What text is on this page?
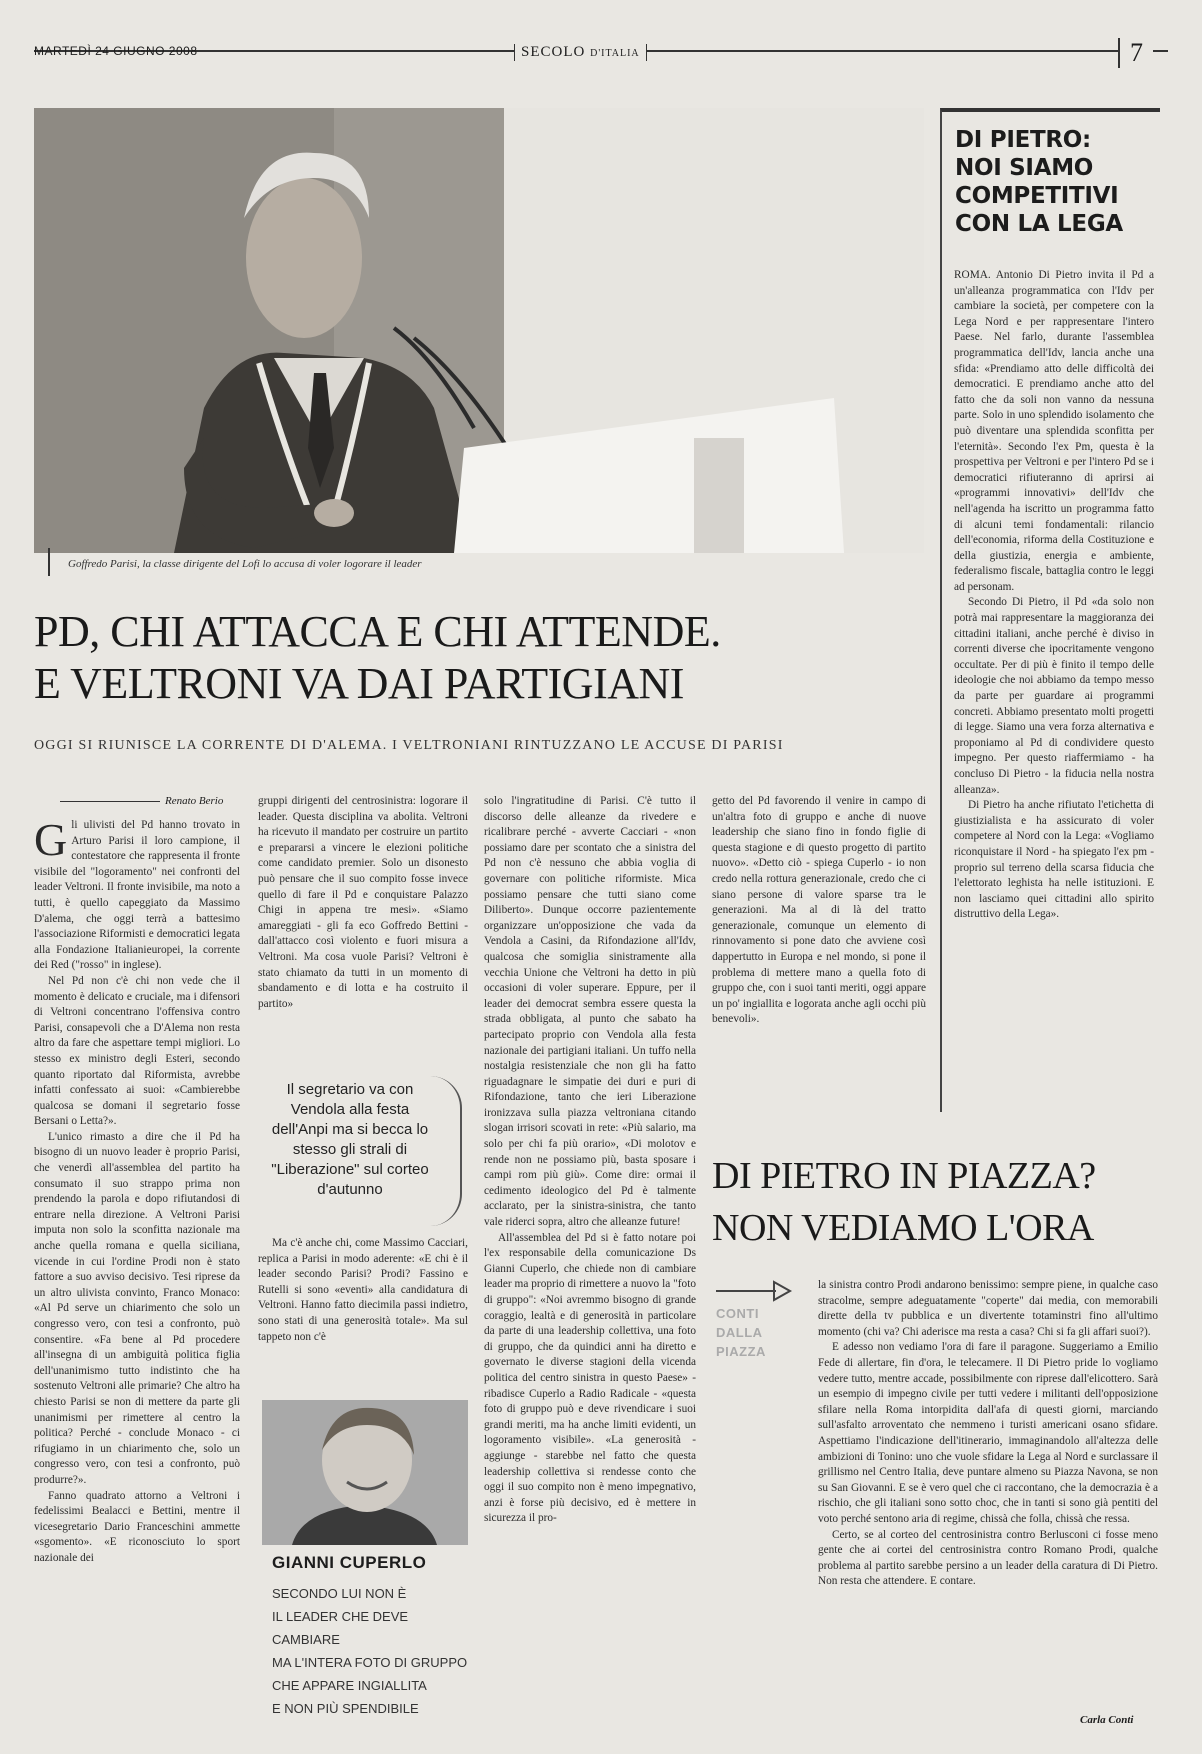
MARTEDÌ 24 GIUGNO 2008	SECOLO D'ITALIA	7
Goffredo Parisi, la classe dirigente del Lofi lo accusa di voler logorare il leader
PD, CHI ATTACCA E CHI ATTENDE.
E VELTRONI VA DAI PARTIGIANI
OGGI SI RIUNISCE LA CORRENTE DI D'ALEMA. I VELTRONIANI RINTUZZANO LE ACCUSE DI PARISI
Renato Berio

Gli ulivisti del Pd hanno trovato in Arturo Parisi il loro campione, il contestatore che rappresenta il fronte visibile del "logoramento" nei confronti del leader Veltroni. Il fronte invisibile, ma noto a tutti, è quello capeggiato da Massimo D'alema, che oggi terrà a battesimo l'associazione Riformisti e democratici legata alla Fondazione Italianieuropei, la corrente dei Red ("rosso" in inglese).

Nel Pd non c'è chi non vede che il momento è delicato e cruciale, ma i difensori di Veltroni concentrano l'offensiva contro Parisi, consapevoli che a D'Alema non resta altro da fare che aspettare tempi migliori. Lo stesso ex ministro degli Esteri, secondo quanto riportato dal Riformista, avrebbe infatti confessato ai suoi: «Cambierebbe qualcosa se domani il segretario fosse Bersani o Letta?».

L'unico rimasto a dire che il Pd ha bisogno di un nuovo leader è proprio Parisi, che venerdì all'assemblea del partito ha consumato il suo strappo prima non prendendo la parola e dopo rifiutandosi di entrare nella direzione. A Veltroni Parisi imputa non solo la sconfitta nazionale ma anche quella romana e quella siciliana, vicende in cui l'ordine Prodi non è stato fattore a suo avviso decisivo. Tesi riprese da un altro ulivista convinto, Franco Monaco: «Al Pd serve un chiarimento che solo un congresso vero, con tesi a confronto, può consentire. «Fa bene al Pd procedere all'insegna di un ambiguità politica figlia dell'unanimismo tutto indistinto che ha sostenuto Veltroni alle primarie? Che altro ha chiesto Parisi se non di mettere da parte gli unanimismi per rimettere al centro la politica? Perché - conclude Monaco - ci rifugiamo in un chiarimento che, solo un congresso vero, con tesi a confronto, può produrre?».

Fanno quadrato attorno a Veltroni i fedelissimi Bealacci e Bettini, mentre il vicesegretario Dario Franceschini ammette «sgomento». «E riconosciuto lo sport nazionale dei

gruppi dirigenti del centrosinistra: logorare il leader. Questa disciplina va abolita. Veltroni ha ricevuto il mandato per costruire un partito e prepararsi a vincere le elezioni politiche come candidato premier. Solo un disonesto può pensare che il suo compito fosse invece quello di fare il Pd e conquistare Palazzo Chigi in appena tre mesi». «Siamo amareggiati - gli fa eco Goffredo Bettini - dall'attacco così violento e fuori misura a Veltroni. Ma cosa vuole Parisi? Veltroni è stato chiamato da tutti in un momento di sbandamento e di lotta e ha costruito il partito»

Il segretario va con Vendola alla festa dell'Anpi ma si becca lo stesso gli strali di "Liberazione" sul corteo d'autunno

Ma c'è anche chi, come Massimo Cacciari, replica a Parisi in modo aderente: «E chi è il leader secondo Parisi? Prodi? Fassino e Rutelli si sono «eventi» alla candidatura di Veltroni. Hanno fatto diecimila passi indietro, sono stati di una generosità totale». Ma sul tappeto non c'è

GIANNI CUPERLO
SECONDO LUI NON È
IL LEADER CHE DEVE CAMBIARE
MA L'INTERA FOTO DI GRUPPO
CHE APPARE INGIALLITA
E NON PIÙ SPENDIBILE

solo l'ingratitudine di Parisi. C'è tutto il discorso delle alleanze da rivedere e ricalibrare perché - avverte Cacciari - «non possiamo dare per scontato che a sinistra del Pd non c'è nessuno che abbia voglia di governare con politiche riformiste. Mica possiamo pensare che tutti siano come Diliberto». Dunque occorre pazientemente organizzare un'opposizione che vada da Vendola a Casini, da Rifondazione all'Idv, qualcosa che somiglia sinistramente alla vecchia Unione che Veltroni ha detto in più occasioni di voler superare. Eppure, per il leader dei democrat sembra essere questa la strada obbligata, al punto che sabato ha partecipato proprio con Vendola alla festa nazionale dei partigiani italiani. Un tuffo nella nostalgia resistenziale che non gli ha fatto riguadagnare le simpatie dei duri e puri di Rifondazione, tanto che ieri Liberazione ironizzava sulla piazza veltroniana citando slogan irrisori scovati in rete: «Più salario, ma solo per chi fa più orario», «Di molotov e rende non ne possiamo più, basta sposare i campi rom più giù». Come dire: ormai il cedimento ideologico del Pd è talmente acclarato, per la sinistra-sinistra, che tanto vale riderci sopra, altro che alleanze future!

All'assemblea del Pd si è fatto notare poi l'ex responsabile della comunicazione Ds Gianni Cuperlo, che chiede non di cambiare leader ma proprio di rimettere a nuovo la "foto di gruppo": «Noi avremmo bisogno di grande coraggio, lealtà e di generosità in particolare da parte di una leadership collettiva, una foto di gruppo, che da quindici anni ha diretto e governato le diverse stagioni della vicenda politica del centro sinistra in questo Paese» - ribadisce Cuperlo a Radio Radicale - «questa foto di gruppo può e deve rivendicare i suoi grandi meriti, ma ha anche limiti evidenti, un logoramento visibile». «La generosità - aggiunge - starebbe nel fatto che questa leadership collettiva si rendesse conto che oggi il suo compito non è meno impegnativo, anzi è forse più decisivo, ed è mettere in sicurezza il pro-

getto del Pd favorendo il venire in campo di un'altra foto di gruppo e anche di nuove leadership che siano fino in fondo figlie di questa stagione e di questo progetto di partito nuovo». «Detto ciò - spiega Cuperlo - io non credo nella rottura generazionale, credo che ci siano persone di valore sparse tra le generazioni. Ma al di là del tratto generazionale, comunque un elemento di rinnovamento si pone dato che avviene così dappertutto in Europa e nel mondo, si pone il problema di mettere mano a quella foto di gruppo che, con i suoi tanti meriti, oggi appare un po' ingiallita e logorata anche agli occhi più benevoli».

DI PIETRO:
NOI SIAMO
COMPETITIVI
CON LA LEGA

ROMA. Antonio Di Pietro invita il Pd a un'alleanza programmatica con l'Idv per cambiare la società, per competere con la Lega Nord e per rappresentare l'intero Paese. Nel farlo, durante l'assemblea programmatica dell'Idv, lancia anche una sfida: «Prendiamo atto delle difficoltà dei democratici. E prendiamo anche atto del fatto che da soli non vanno da nessuna parte. Solo in uno splendido isolamento che può diventare una splendida sconfitta per l'eternità». Secondo l'ex Pm, questa è la prospettiva per Veltroni e per l'intero Pd se i democratici rifiuteranno di aprirsi ai «programmi innovativi» dell'Idv che nell'agenda ha iscritto un programma fatto di alcuni temi fondamentali: rilancio dell'economia, riforma della Costituzione e della giustizia, energia e ambiente, federalismo fiscale, battaglia contro le leggi ad personam.

Secondo Di Pietro, il Pd «da solo non potrà mai rappresentare la maggioranza dei cittadini italiani, anche perché è diviso in correnti diverse che ipocritamente vengono occultate. Per di più è finito il tempo delle ideologie che noi abbiamo da tempo messo da parte per guardare ai programmi concreti. Abbiamo presentato molti progetti di legge. Siamo una vera forza alternativa e proponiamo al Pd di condividere questo impegno. Per questo riaffermiamo - ha concluso Di Pietro - la fiducia nella nostra alleanza».

Di Pietro ha anche rifiutato l'etichetta di giustizialista e ha assicurato di voler competere al Nord con la Lega: «Vogliamo riconquistare il Nord - ha spiegato l'ex pm - proprio sul terreno della scarsa fiducia che l'elettorato leghista ha nelle istituzioni. E non lasciamo quei cittadini allo spirito distruttivo della Lega».

DI PIETRO IN PIAZZA?
NON VEDIAMO L'ORA
CONTI
DALLA
PIAZZA

la sinistra contro Prodi andarono benissimo: sempre piene, in qualche caso stracolme, sempre adeguatamente "coperte" dai media, con memorabili dirette della tv pubblica e un divertente totaminstri fino all'ultimo momento (chi va? Chi aderisce ma resta a casa? Chi si fa gli affari suoi?).

E adesso non vediamo l'ora di fare il paragone. Suggeriamo a Emilio Fede di allertare, fin d'ora, le telecamere. Il Di Pietro pride lo vogliamo vedere tutto, mentre accade, possibilmente con riprese dall'elicottero. Sarà un esempio di impegno civile per tutti vedere i militanti dell'opposizione sfilare nella Roma intorpidita dall'afa di questi giorni, marciando sull'asfalto arroventato che nemmeno i turisti americani osano sfidare. Aspettiamo l'indicazione dell'itinerario, immaginandolo all'altezza delle ambizioni di Tonino: uno che vuole sfidare la Lega al Nord e surclassare il grillismo nel Centro Italia, deve puntare almeno su Piazza Navona, se non su San Giovanni. E se è vero quel che ci raccontano, che la democrazia è a rischio, che gli italiani sono sotto choc, che in tanti si sono già pentiti del voto perché sentono aria di regime, chissà che folla, chissà che ressa.

Certo, se al corteo del centrosinistra contro Berlusconi ci fosse meno gente che ai cortei del centrosinistra contro Romano Prodi, qualche problema al partito sarebbe persino a un leader della caratura di Di Pietro. Non resta che attendere. E contare.

Carla Conti
